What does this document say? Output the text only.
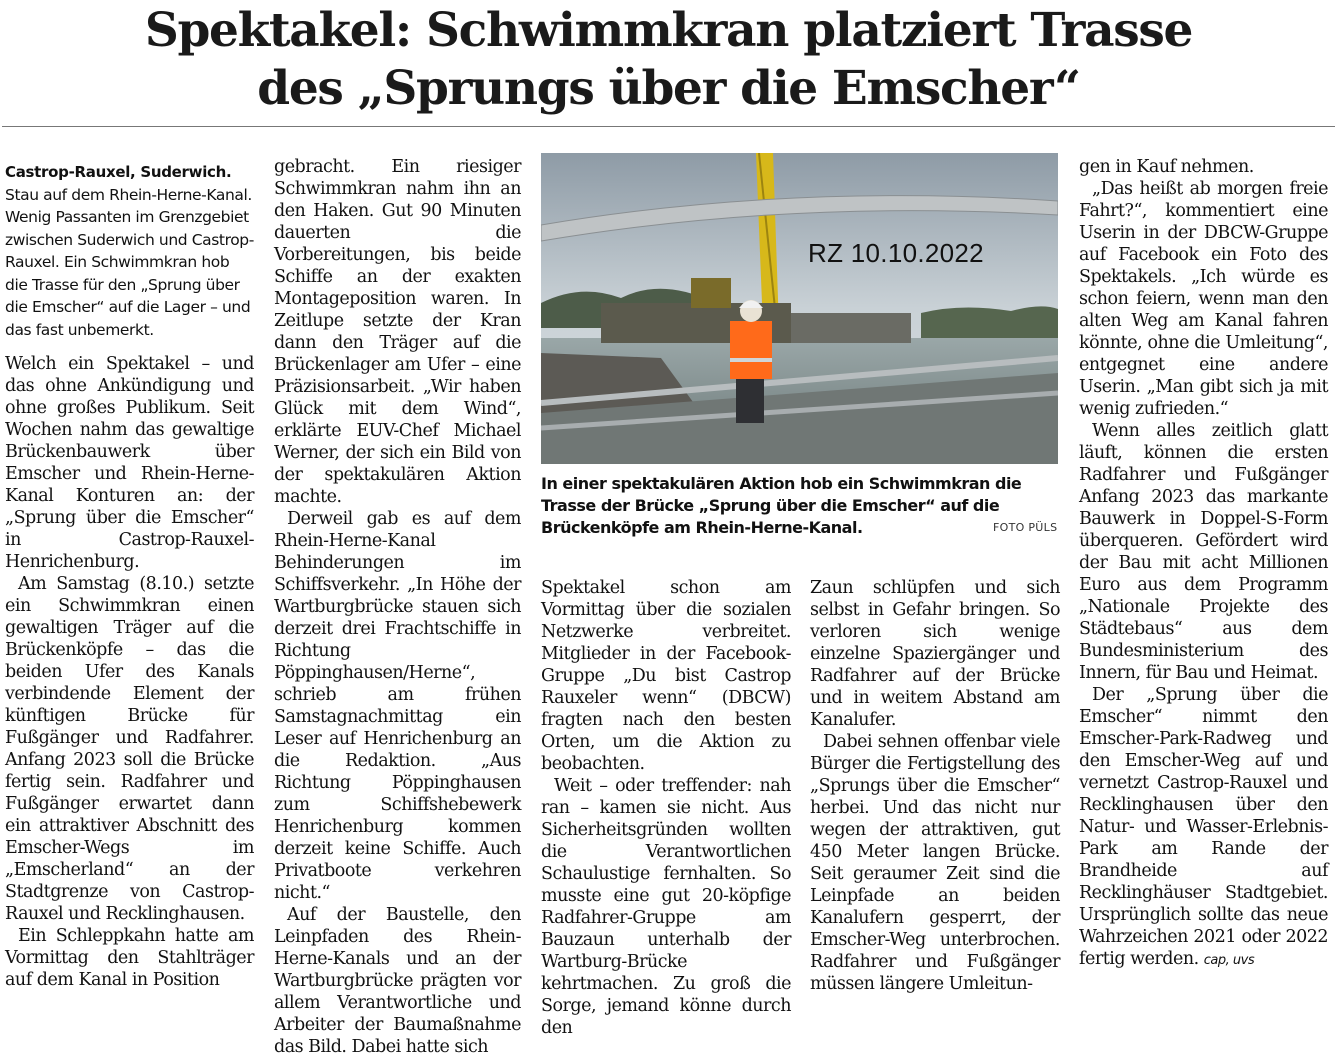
Spektakel: Schwimmkran platziert Trasse
des „Sprungs über die Emscher“

Castrop-Rauxel, Suderwich.
Stau auf dem Rhein-Herne-Kanal. Wenig Passanten im Grenzgebiet zwischen Suderwich und Castrop-Rauxel. Ein Schwimmkran hob die Trasse für den „Sprung über die Emscher“ auf die Lager – und das fast unbemerkt.

Welch ein Spektakel – und das ohne Ankündigung und ohne großes Publikum. Seit Wochen nahm das gewaltige Brückenbauwerk über Emscher und Rhein-Herne-Kanal Konturen an: der „Sprung über die Emscher“ in Castrop-Rauxel-Henrichenburg.

Am Samstag (8.10.) setzte ein Schwimmkran einen gewaltigen Träger auf die Brückenköpfe – das die beiden Ufer des Kanals verbindende Element der künftigen Brücke für Fußgänger und Radfahrer. Anfang 2023 soll die Brücke fertig sein. Radfahrer und Fußgänger erwartet dann ein attraktiver Abschnitt des Emscher-Wegs im „Emscherland“ an der Stadtgrenze von Castrop-Rauxel und Recklinghausen.

Ein Schleppkahn hatte am Vormittag den Stahlträger auf dem Kanal in Position

gebracht. Ein riesiger Schwimmkran nahm ihn an den Haken. Gut 90 Minuten dauerten die Vorbereitungen, bis beide Schiffe an der exakten Montageposition waren. In Zeitlupe setzte der Kran dann den Träger auf die Brückenlager am Ufer – eine Präzisionsarbeit. „Wir haben Glück mit dem Wind“, erklärte EUV-Chef Michael Werner, der sich ein Bild von der spektakulären Aktion machte.

Derweil gab es auf dem Rhein-Herne-Kanal Behinderungen im Schiffsverkehr. „In Höhe der Wartburgbrücke stauen sich derzeit drei Frachtschiffe in Richtung Pöppinghausen/Herne“, schrieb am frühen Samstagnachmittag ein Leser auf Henrichenburg an die Redaktion. „Aus Richtung Pöppinghausen zum Schiffshebewerk Henrichenburg kommen derzeit keine Schiffe. Auch Privatboote verkehren nicht.“

Auf der Baustelle, den Leinpfaden des Rhein-Herne-Kanals und an der Wartburgbrücke prägten vor allem Verantwortliche und Arbeiter der Baumaßnahme das Bild. Dabei hatte sich

RZ 10.10.2022
In einer spektakulären Aktion hob ein Schwimmkran die Trasse der Brücke „Sprung über die Emscher“ auf die Brückenköpfe am Rhein-Herne-Kanal.	FOTO PÜLS

Spektakel schon am Vormittag über die sozialen Netzwerke verbreitet. Mitglieder in der Facebook-Gruppe „Du bist Castrop Rauxeler wenn“ (DBCW) fragten nach den besten Orten, um die Aktion zu beobachten.

Weit – oder treffender: nah ran – kamen sie nicht. Aus Sicherheitsgründen wollten die Verantwortlichen Schaulustige fernhalten. So musste eine gut 20-köpfige Radfahrer-Gruppe am Bauzaun unterhalb der Wartburg-Brücke kehrtmachen. Zu groß die Sorge, jemand könne durch den

Zaun schlüpfen und sich selbst in Gefahr bringen. So verloren sich wenige einzelne Spaziergänger und Radfahrer auf der Brücke und in weitem Abstand am Kanalufer.

Dabei sehnen offenbar viele Bürger die Fertigstellung des „Sprungs über die Emscher“ herbei. Und das nicht nur wegen der attraktiven, gut 450 Meter langen Brücke. Seit geraumer Zeit sind die Leinpfade an beiden Kanalufern gesperrt, der Emscher-Weg unterbrochen. Radfahrer und Fußgänger müssen längere Umleitun-

gen in Kauf nehmen.

„Das heißt ab morgen freie Fahrt?“, kommentiert eine Userin in der DBCW-Gruppe auf Facebook ein Foto des Spektakels. „Ich würde es schon feiern, wenn man den alten Weg am Kanal fahren könnte, ohne die Umleitung“, entgegnet eine andere Userin. „Man gibt sich ja mit wenig zufrieden.“

Wenn alles zeitlich glatt läuft, können die ersten Radfahrer und Fußgänger Anfang 2023 das markante Bauwerk in Doppel-S-Form überqueren. Gefördert wird der Bau mit acht Millionen Euro aus dem Programm „Nationale Projekte des Städtebaus“ aus dem Bundesministerium des Innern, für Bau und Heimat.

Der „Sprung über die Emscher“ nimmt den Emscher-Park-Radweg und den Emscher-Weg auf und vernetzt Castrop-Rauxel und Recklinghausen über den Natur- und Wasser-Erlebnis-Park am Rande der Brandheide auf Recklinghäuser Stadtgebiet. Ursprünglich sollte das neue Wahrzeichen 2021 oder 2022 fertig werden. cap, uvs
